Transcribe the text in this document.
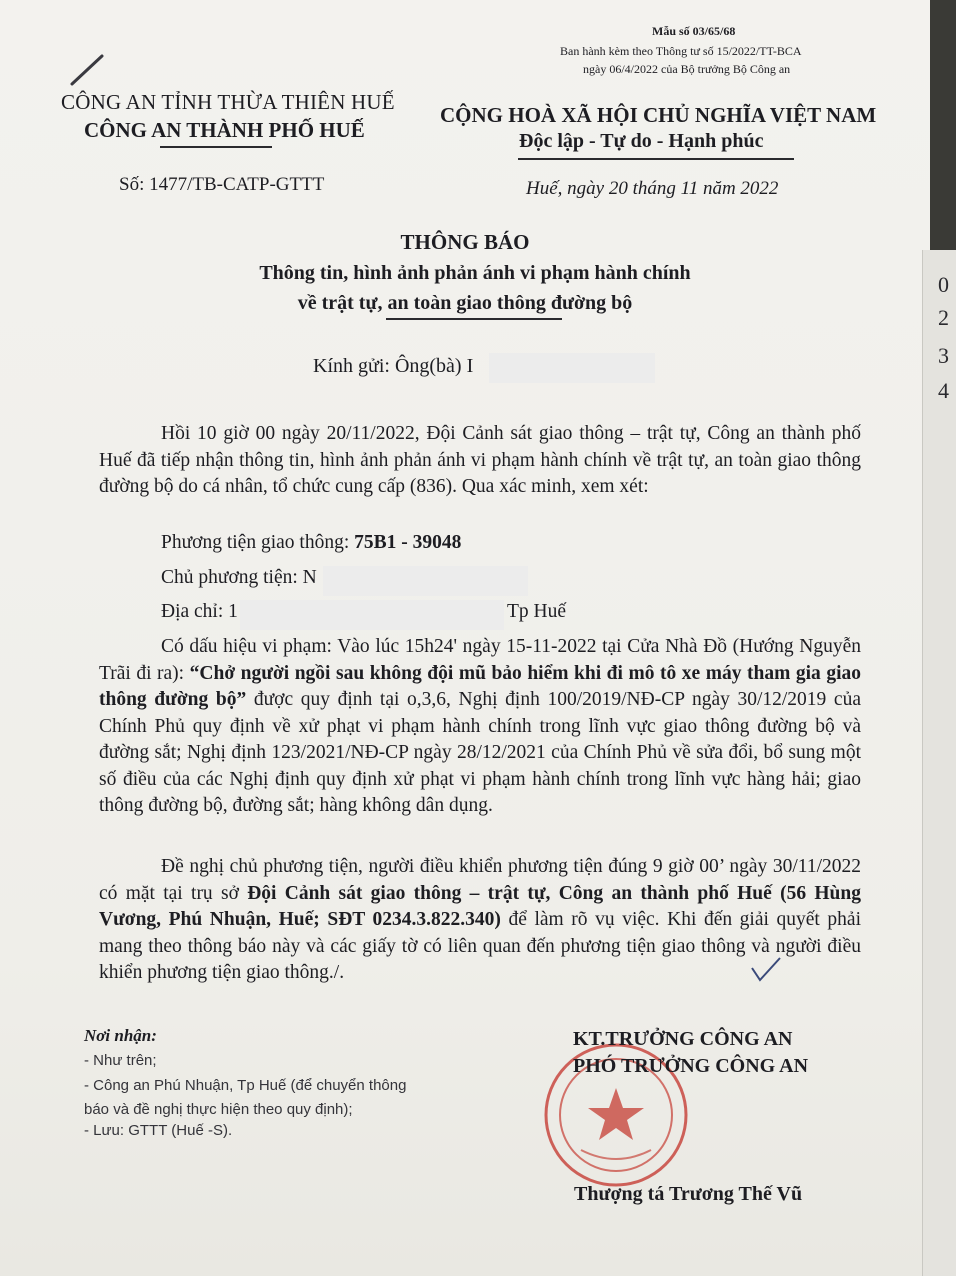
Mẫu số 03/65/68
Ban hành kèm theo Thông tư số 15/2022/TT-BCA
ngày 06/4/2022 của Bộ trưởng Bộ Công an
CÔNG AN TỈNH THỪA THIÊN HUẾ
CÔNG AN THÀNH PHỐ HUẾ
CỘNG HOÀ XÃ HỘI CHỦ NGHĨA VIỆT NAM
Độc lập - Tự do - Hạnh phúc
Số: 1477/TB-CATP-GTTT	Huế, ngày 20 tháng 11 năm 2022
THÔNG BÁO
Thông tin, hình ảnh phản ánh vi phạm hành chính
về trật tự, an toàn giao thông đường bộ
Kính gửi: Ông(bà) I
Hồi 10 giờ 00 ngày 20/11/2022, Đội Cảnh sát giao thông – trật tự, Công an thành phố Huế đã tiếp nhận thông tin, hình ảnh phản ánh vi phạm hành chính về trật tự, an toàn giao thông đường bộ do cá nhân, tổ chức cung cấp (836). Qua xác minh, xem xét:
Phương tiện giao thông: 75B1 - 39048
Chủ phương tiện: N
Địa chỉ: 1	Tp Huế
Có dấu hiệu vi phạm: Vào lúc 15h24' ngày 15-11-2022 tại Cửa Nhà Đồ (Hướng Nguyễn Trãi đi ra): “Chở người ngồi sau không đội mũ bảo hiểm khi đi mô tô xe máy tham gia giao thông đường bộ” được quy định tại o,3,6, Nghị định 100/2019/NĐ-CP ngày 30/12/2019 của Chính Phủ quy định về xử phạt vi phạm hành chính trong lĩnh vực giao thông đường bộ và đường sắt; Nghị định 123/2021/NĐ-CP ngày 28/12/2021 của Chính Phủ về sửa đổi, bổ sung một số điều của các Nghị định quy định xử phạt vi phạm hành chính trong lĩnh vực hàng hải; giao thông đường bộ, đường sắt; hàng không dân dụng.
Đề nghị chủ phương tiện, người điều khiển phương tiện đúng 9 giờ 00’ ngày 30/11/2022 có mặt tại trụ sở Đội Cảnh sát giao thông – trật tự, Công an thành phố Huế (56 Hùng Vương, Phú Nhuận, Huế; SĐT 0234.3.822.340) để làm rõ vụ việc. Khi đến giải quyết phải mang theo thông báo này và các giấy tờ có liên quan đến phương tiện giao thông và người điều khiển phương tiện giao thông./.
Nơi nhận:
- Như trên;
- Công an Phú Nhuận, Tp Huế (để chuyển thông
báo và đề nghị thực hiện theo quy định);
- Lưu: GTTT (Huế -S).
KT.TRƯỞNG CÔNG AN
PHÓ TRƯỞNG CÔNG AN
Thượng tá Trương Thế Vũ
0
2
3
4
